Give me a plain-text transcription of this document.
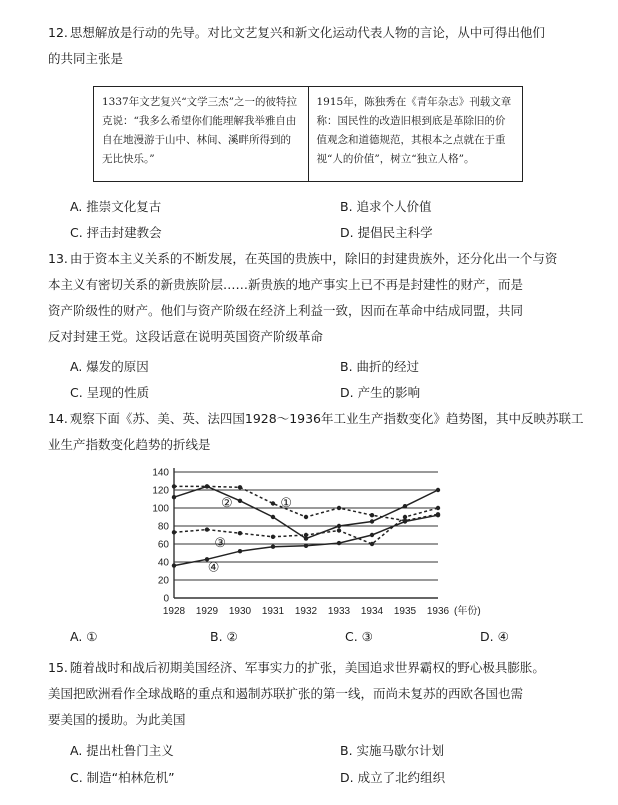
12. 思想解放是行动的先导。对比文艺复兴和新文化运动代表人物的言论，从中可得出他们
的共同主张是

1337年文艺复兴“文学三杰”之一的彼特拉克说：“我多么希望你们能理解我举雅自由自在地漫游于山中、林间、溪畔所得到的无比快乐。”
1915年，陈独秀在《青年杂志》刊载文章称：国民性的改造旧根到底是革除旧的价值观念和道德规范，其根本之点就在于重视“人的价值”，树立“独立人格”。
A. 推崇文化复古	B. 追求个人价值
C. 抨击封建教会	D. 提倡民主科学

13. 由于资本主义关系的不断发展，在英国的贵族中，除旧的封建贵族外，还分化出一个与资
本主义有密切关系的新贵族阶层……新贵族的地产事实上已不再是封建性的财产，而是
资产阶级性的财产。他们与资产阶级在经济上利益一致，因而在革命中结成同盟，共同
反对封建王党。这段话意在说明英国资产阶级革命

A. 爆发的原因	B. 曲折的经过
C. 呈现的性质	D. 产生的影响

14. 观察下面《苏、美、英、法四国1928～1936年工业生产指数变化》趋势图，其中反映苏联工
业生产指数变化趋势的折线是

0
20
40
60
80
100
120
140
1928 1929 1930 1931 1932 1933 1934 1935 1936 (年份)
①
②
③
④
A. ①	B. ②	C. ③	D. ④

15. 随着战时和战后初期美国经济、军事实力的扩张，美国追求世界霸权的野心极具膨胀。
美国把欧洲看作全球战略的重点和遏制苏联扩张的第一线，而尚未复苏的西欧各国也需
要美国的援助。为此美国

A. 提出杜鲁门主义	B. 实施马歇尔计划
C. 制造“柏林危机”	D. 成立了北约组织
